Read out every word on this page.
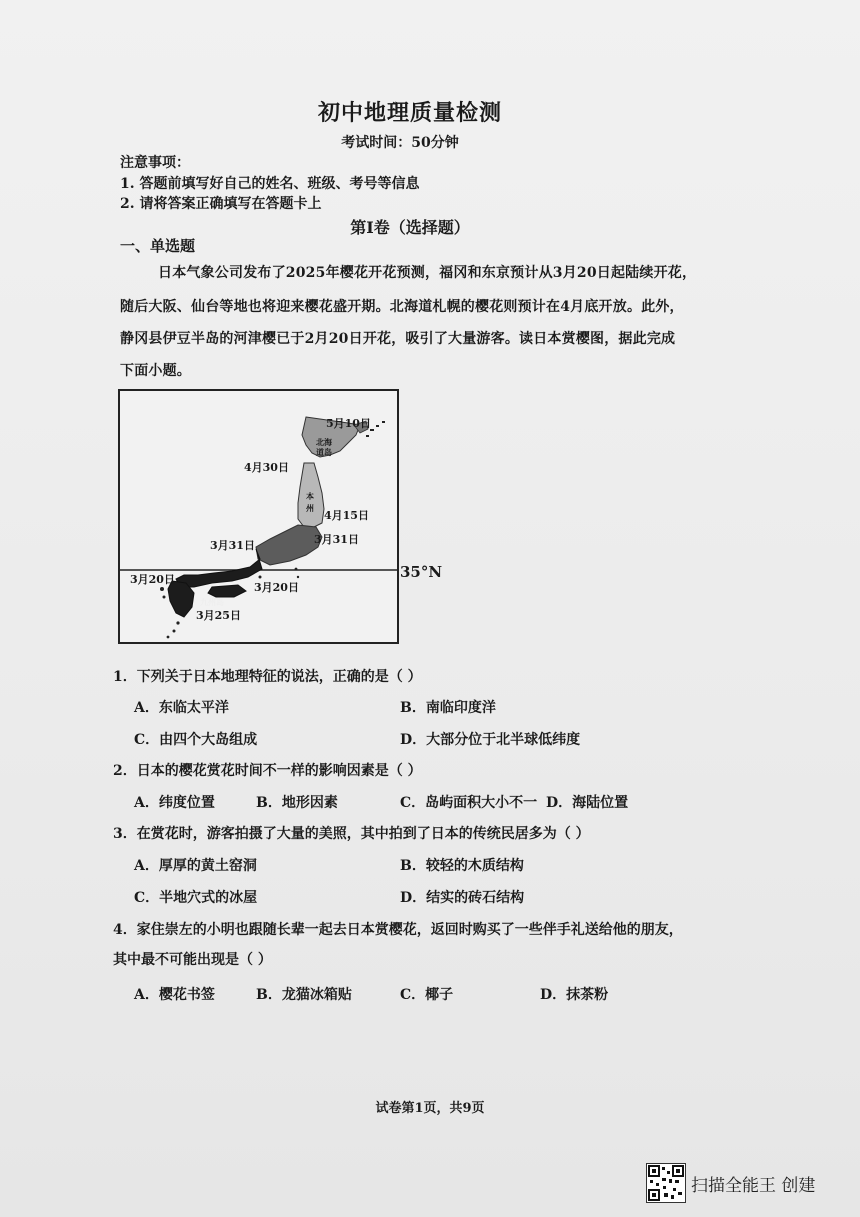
初中地理质量检测
考试时间：50分钟
注意事项：
1. 答题前填写好自己的姓名、班级、考号等信息
2. 请将答案正确填写在答题卡上
第I卷（选择题）
一、单选题
日本气象公司发布了2025年樱花开花预测，福冈和东京预计从3月20日起陆续开花，
随后大阪、仙台等地也将迎来樱花盛开期。北海道札幌的樱花则预计在4月底开放。此外，
静冈县伊豆半岛的河津樱已于2月20日开花，吸引了大量游客。读日本赏樱图，据此完成
下面小题。
5月10日
北海
道岛
4月30日
本
州
4月15日
3月31日	3月31日
3月20日
3月20日
九州岛
3月25日
35°N
1．下列关于日本地理特征的说法，正确的是（ ）
A．东临太平洋	B．南临印度洋
C．由四个大岛组成	D．大部分位于北半球低纬度
2．日本的樱花赏花时间不一样的影响因素是（ ）
A．纬度位置	B．地形因素	C．岛屿面积大小不一 D．海陆位置
3．在赏花时，游客拍摄了大量的美照，其中拍到了日本的传统民居多为（ ）
A．厚厚的黄土窑洞	B．较轻的木质结构
C．半地穴式的冰屋	D．结实的砖石结构
4．家住崇左的小明也跟随长辈一起去日本赏樱花，返回时购买了一些伴手礼送给他的朋友，
其中最不可能出现是（ ）
A．樱花书签	B．龙猫冰箱贴	C．椰子	D．抹茶粉
试卷第1页，共9页
扫描全能王 创建
